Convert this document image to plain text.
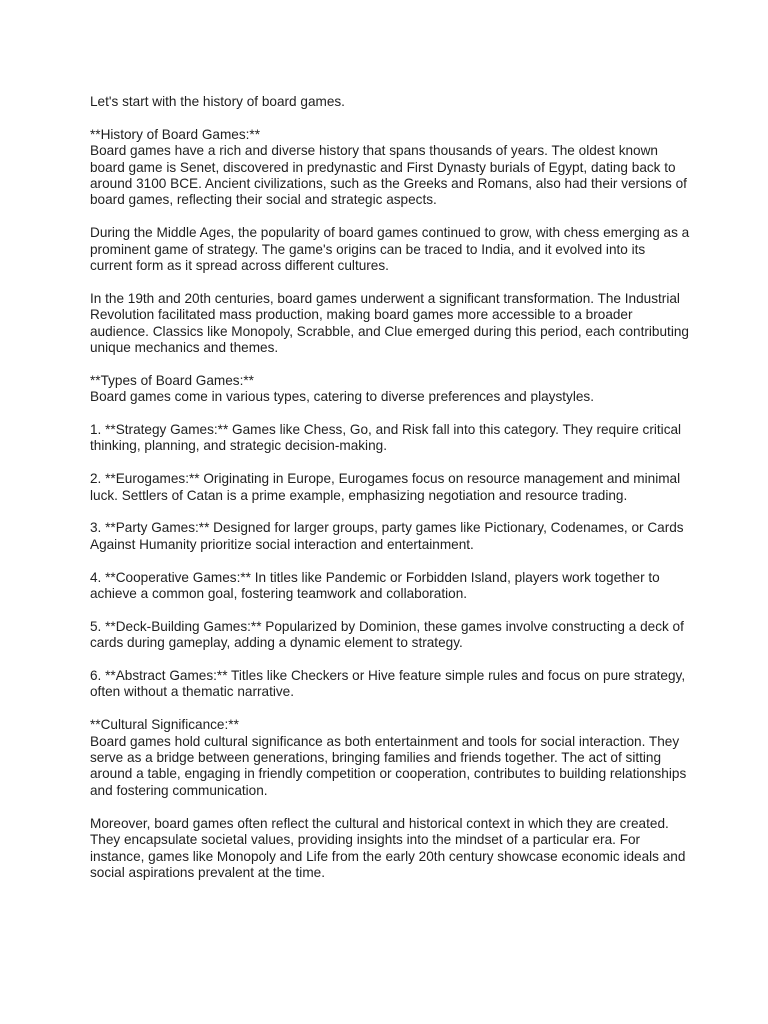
Let's start with the history of board games.

**History of Board Games:**
Board games have a rich and diverse history that spans thousands of years. The oldest known board game is Senet, discovered in predynastic and First Dynasty burials of Egypt, dating back to around 3100 BCE. Ancient civilizations, such as the Greeks and Romans, also had their versions of board games, reflecting their social and strategic aspects.

During the Middle Ages, the popularity of board games continued to grow, with chess emerging as a prominent game of strategy. The game's origins can be traced to India, and it evolved into its current form as it spread across different cultures.

In the 19th and 20th centuries, board games underwent a significant transformation. The Industrial Revolution facilitated mass production, making board games more accessible to a broader audience. Classics like Monopoly, Scrabble, and Clue emerged during this period, each contributing unique mechanics and themes.

**Types of Board Games:**
Board games come in various types, catering to diverse preferences and playstyles.

1. **Strategy Games:** Games like Chess, Go, and Risk fall into this category. They require critical thinking, planning, and strategic decision-making.

2. **Eurogames:** Originating in Europe, Eurogames focus on resource management and minimal luck. Settlers of Catan is a prime example, emphasizing negotiation and resource trading.

3. **Party Games:** Designed for larger groups, party games like Pictionary, Codenames, or Cards Against Humanity prioritize social interaction and entertainment.

4. **Cooperative Games:** In titles like Pandemic or Forbidden Island, players work together to achieve a common goal, fostering teamwork and collaboration.

5. **Deck-Building Games:** Popularized by Dominion, these games involve constructing a deck of cards during gameplay, adding a dynamic element to strategy.

6. **Abstract Games:** Titles like Checkers or Hive feature simple rules and focus on pure strategy, often without a thematic narrative.

**Cultural Significance:**
Board games hold cultural significance as both entertainment and tools for social interaction. They serve as a bridge between generations, bringing families and friends together. The act of sitting around a table, engaging in friendly competition or cooperation, contributes to building relationships and fostering communication.

Moreover, board games often reflect the cultural and historical context in which they are created. They encapsulate societal values, providing insights into the mindset of a particular era. For instance, games like Monopoly and Life from the early 20th century showcase economic ideals and social aspirations prevalent at the time.
